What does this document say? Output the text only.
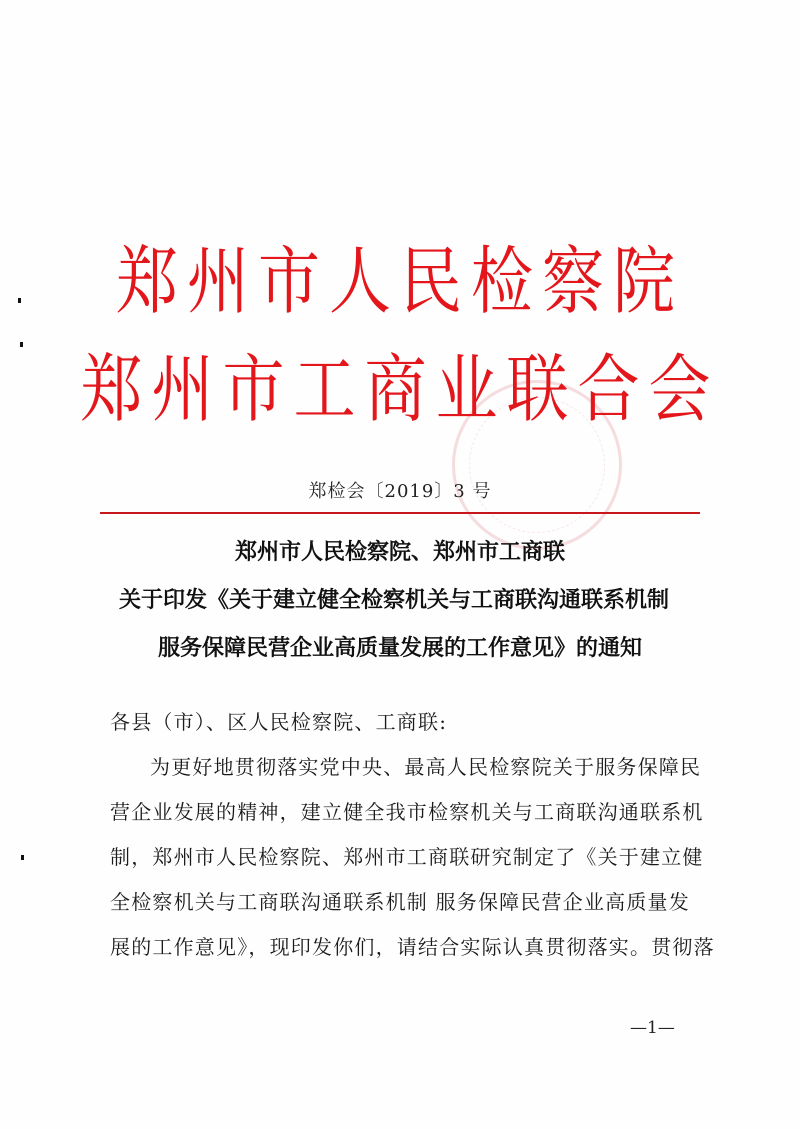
郑州市人民检察院
郑州市工商业联合会
郑检会〔2019〕3 号
郑州市人民检察院、郑州市工商联
关于印发《关于建立健全检察机关与工商联沟通联系机制
服务保障民营企业高质量发展的工作意见》的通知
各县（市）、区人民检察院、工商联:
为更好地贯彻落实党中央、最高人民检察院关于服务保障民
营企业发展的精神，建立健全我市检察机关与工商联沟通联系机
制，郑州市人民检察院、郑州市工商联研究制定了《关于建立健
全检察机关与工商联沟通联系机制 服务保障民营企业高质量发
展的工作意见》，现印发你们，请结合实际认真贯彻落实。贯彻落
—1—
